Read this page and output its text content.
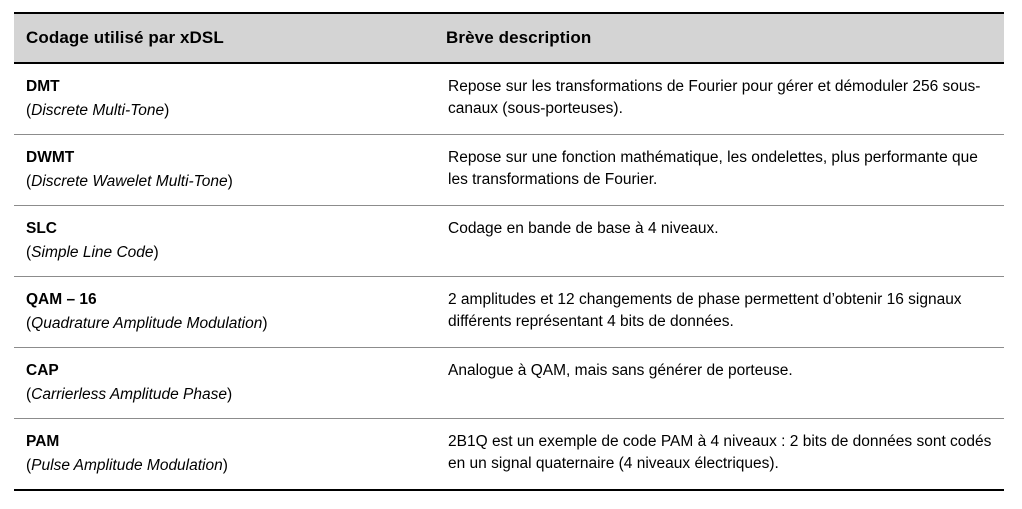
Codage utilisé par xDSL	Brève description

DMT
(Discrete Multi-Tone)	Repose sur les transformations de Fourier pour gérer et démoduler 256 sous-canaux (sous-porteuses).

DWMT
(Discrete Wawelet Multi-Tone)	Repose sur une fonction mathématique, les ondelettes, plus performante que les transformations de Fourier.

SLC
(Simple Line Code)	Codage en bande de base à 4 niveaux.

QAM – 16
(Quadrature Amplitude Modulation)	2 amplitudes et 12 changements de phase permettent d’obtenir 16 signaux différents représentant 4 bits de données.

CAP
(Carrierless Amplitude Phase)	Analogue à QAM, mais sans générer de porteuse.

PAM
(Pulse Amplitude Modulation)	2B1Q est un exemple de code PAM à 4 niveaux : 2 bits de données sont codés en un signal quaternaire (4 niveaux électriques).
